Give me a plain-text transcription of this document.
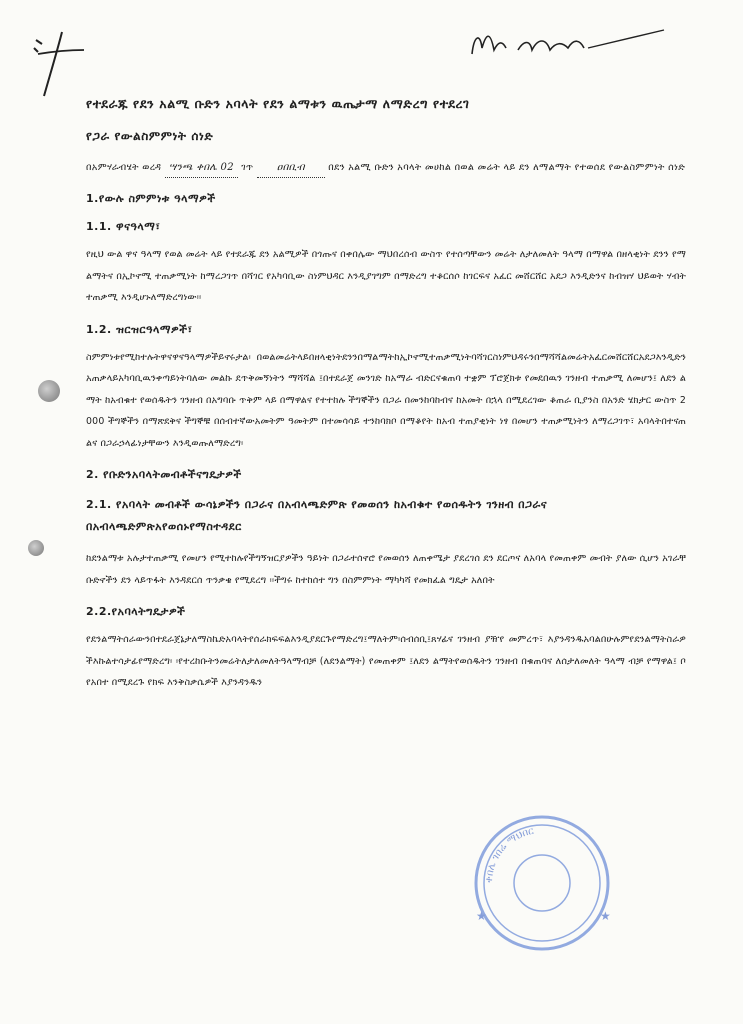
የተደራጁ የደን አልሚ ቡድን አባላት የደን ልማቱን ዉጤታማ ለማድረግ የተደረገ

የጋራ የውልስምምነት ሰነድ

በአምሃራብሄት ወረዳ ሣንጫ ቀበሌ 02 ገጥ ዐበቢብ በደን አልሚ ቡድን አባላት መሀከል በወል መሬት ላይ ደን ለማልማት የተወሰደ የውልስምምነት ሰነድ

1.የውሉ ስምምነቱ ዓላማዎች

1.1. ዋናዓላማ፣

የዚህ ውል ዋና ዓላማ የወል መሬት ላይ የተደራጁ ደን አልሚዎች በጎጡና በቀበሌው ማህበረሰብ ውስጥ የተሰጣቸውን መሬት ለታለመለት ዓላማ በማዋል በዘላቂነት ደንን የማልማትና በኢኮኖሚ ተጠቃሚነት ከማረጋገጥ በሻገር የአካባቢው ስነምህዳር እንዲያገግም በማድረግ ተቆርሰሶ ከገርፍና አፈር መሸርሸር አደጋ እንዲድንና ከብዝሃ ህይወት ሃብት ተጠቃሚ እንዲሆኑለማድረግነው፡፡

1.2. ዝርዝርዓላማዎች፣

ስምምነቱየሚከተሉትዋናዋናዓላማዎችይኖሩታል፡ በወልመሬትላይበዘላቂነትደንንበማልማትከኢኮኖሚተጠቃሚነትባሻገርስነምህዳሩንበማሻሻልመሬትአፈርመሸርሸርአደጋእንዲድንአጠቃላይአካባቢዉንቀጣይነትባለው መልኩ ደጥቅመኝነትን ማሻሻል ፤በተደራጀ መንገድ ከአማራ ብድርናቁጠባ ተቋም ፕሮጀክቱ የመደበዉን ገንዘብ ተጠቃሚ ለመሆን፤ ለደን ልማት ከአብቁተ የወሰዱትን ገንዘብ በአግባቡ ጥቅም ላይ በማዋልና የተተከሉ ችግኞችን በጋራ በመንከባከብና ከአመት በኋላ በሚደረገው ቆጠራ ቢያንስ በአንድ ሄክታር ውስጥ 2000 ችግኞችን በማጽደቅና ችግኞቹ በሰብተኛውአመትም ዓመትም በተመሳሳይ ተንከባክቦ በማቆየት ከአብ ተጠያቂነት ነፃ በመሆን ተጠቃሚነትን ለማረጋገጥ፣ አባላትበተናጠልና በጋራኃላፊነታቸውን እንዲወጡለማድረግ፡

2. የቡድንአባላትመብቶችናግዴታዎች

2.1. የአባላት መብቶች ውሳኔዎችን በጋራና በአብላጫድምጽ የመወሰን ከአብቁተ የወሰዱትን ገንዘብ በጋራና በአብላጫድምጽአየወሰኑየማስተዳደር

ከደንልማቱ አሉታተጠቃሚ የመሆን የሚተከሉየችግኝዝርያዎችን ዓይነት በጋራተሰኖሮ የመወሰን ለጠቀሜታ ያደረገሰ ደን ደርጦና ለአባላ የመጠቀም መብት ያለው ሲሆን አገራቸ ቡድኖችን ደን ላይጥፋት እንዳደርሰ ጥንቃቄ የሚደረግ ፡፡ችግሩ ከተከሰተ ግን በስምምነት ማካካሻ የመክፈል ግዴታ አለበት

2.2.የአባላትግዴታዎች

የደንልማትሰራውንበተደራጀኔታለማስኬድአባላትየሰራክፍፍልእንዲያደርጉየማድረግ፤ማለትም፡ሰብሰቢ፤ጸሃፊና ገንዘብ ያዥየ መምረጥ፣ እያንዳንዱአባልበሁሉምየደንልማትስራዎችእኩልተሳታፊየማድረግ፡ ፡የተረከቡትንመሬትለታለመለትዓላማብቻ (ለደንልማት) የመጠቀም ፤ለደን ልማትየወሰዱትን ገንዘብ በቁጠባና ለሰታለመለት ዓላማ ብቻ የማዋል፤ ቦየአበተ በሚደረጉ የክፍ እንቅስቃሴዎች እያንዳንዱን

ቀበሌ ገበሬ ማህበር
★
★
